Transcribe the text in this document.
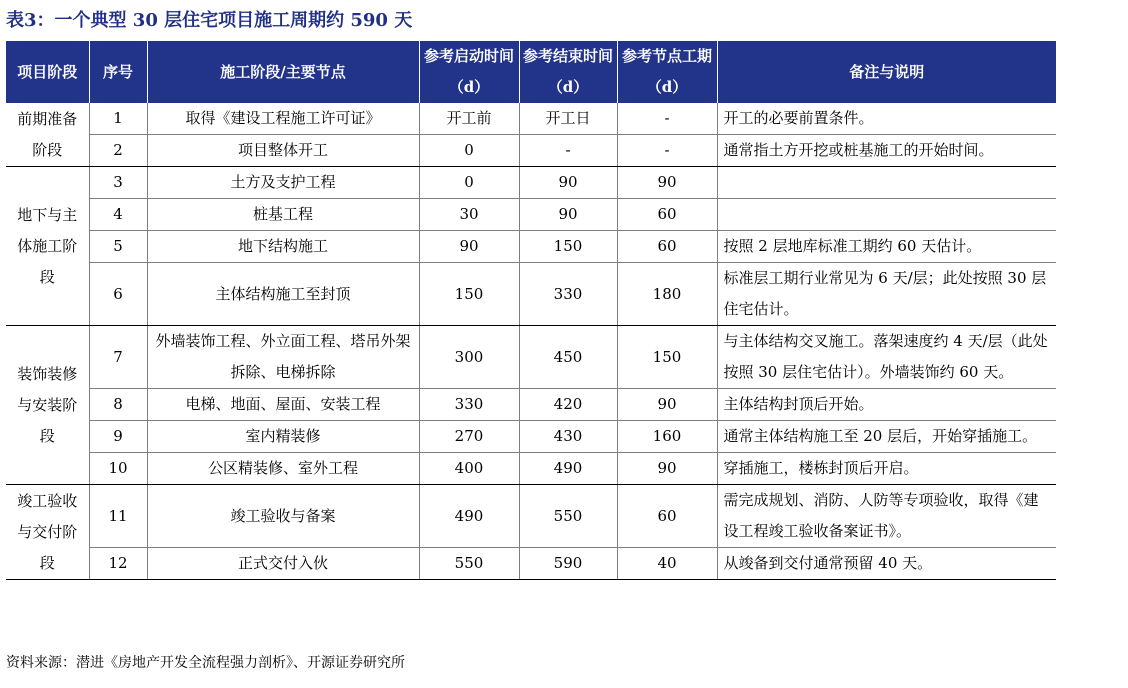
表3：一个典型 30 层住宅项目施工周期约 590 天
项目阶段	序号	施工阶段/主要节点	参考启动时间（d）	参考结束时间（d）	参考节点工期（d）	备注与说明
前期准备阶段	1	取得《建设工程施工许可证》	开工前	开工日	-	开工的必要前置条件。
	2	项目整体开工	0	-	-	通常指土方开挖或桩基施工的开始时间。
地下与主体施工阶段	3	土方及支护工程	0	90	90	
	4	桩基工程	30	90	60	
	5	地下结构施工	90	150	60	按照 2 层地库标准工期约 60 天估计。
	6	主体结构施工至封顶	150	330	180	标准层工期行业常见为 6 天/层；此处按照 30 层住宅估计。
装饰装修与安装阶段	7	外墙装饰工程、外立面工程、塔吊外架拆除、电梯拆除	300	450	150	与主体结构交叉施工。落架速度约 4 天/层（此处按照 30 层住宅估计）。外墙装饰约 60 天。
	8	电梯、地面、屋面、安装工程	330	420	90	主体结构封顶后开始。
	9	室内精装修	270	430	160	通常主体结构施工至 20 层后，开始穿插施工。
	10	公区精装修、室外工程	400	490	90	穿插施工，楼栋封顶后开启。
竣工验收与交付阶段	11	竣工验收与备案	490	550	60	需完成规划、消防、人防等专项验收，取得《建设工程竣工验收备案证书》。
	12	正式交付入伙	550	590	40	从竣备到交付通常预留 40 天。
资料来源：潜进《房地产开发全流程强力剖析》、开源证券研究所
